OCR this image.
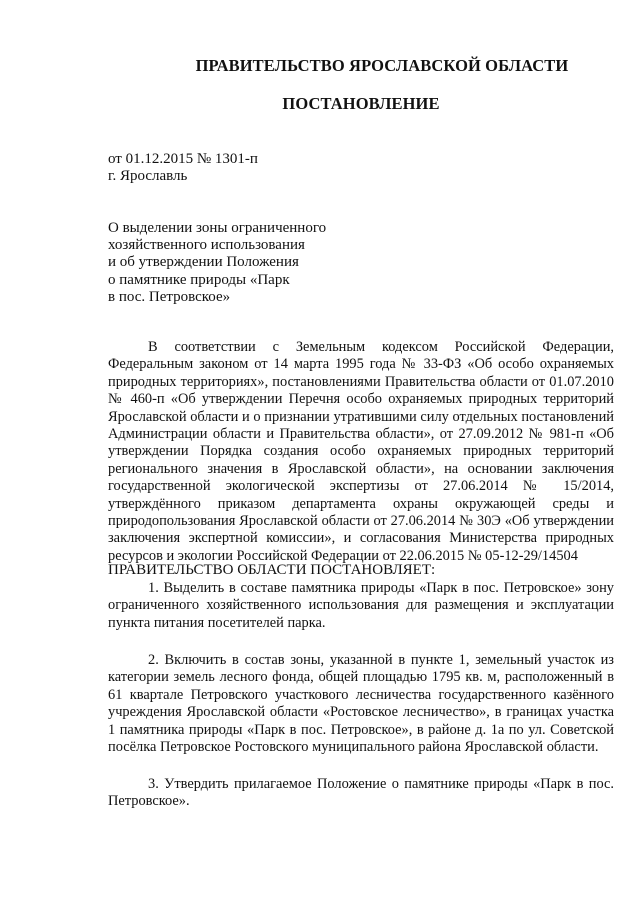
ПРАВИТЕЛЬСТВО ЯРОСЛАВСКОЙ ОБЛАСТИ
ПОСТАНОВЛЕНИЕ
от 01.12.2015 № 1301-п
г. Ярославль
О выделении зоны ограниченного
хозяйственного использования
и об утверждении Положения
о памятнике природы «Парк
в пос. Петровское»
В соответствии с Земельным кодексом Российской Федерации, Федеральным законом от 14 марта 1995 года № 33-ФЗ «Об особо охраняемых природных территориях», постановлениями Правительства области от 01.07.2010 № 460-п «Об утверждении Перечня особо охраняемых природных территорий Ярославской области и о признании утратившими силу отдельных постановлений Администрации области и Правительства области», от 27.09.2012 № 981-п «Об утверждении Порядка создания особо охраняемых природных территорий регионального значения в Ярославской области», на основании заключения государственной экологической экспертизы от 27.06.2014 № 15/2014, утверждённого приказом департамента охраны окружающей среды и природопользования Ярославской области от 27.06.2014 № 30Э «Об утверждении заключения экспертной комиссии», и согласования Министерства природных ресурсов и экологии Российской Федерации от 22.06.2015 № 05-12-29/14504
ПРАВИТЕЛЬСТВО ОБЛАСТИ ПОСТАНОВЛЯЕТ:
1. Выделить в составе памятника природы «Парк в пос. Петровское» зону ограниченного хозяйственного использования для размещения и эксплуатации пункта питания посетителей парка.
2. Включить в состав зоны, указанной в пункте 1, земельный участок из категории земель лесного фонда, общей площадью 1795 кв. м, расположенный в 61 квартале Петровского участкового лесничества государственного казённого учреждения Ярославской области «Ростовское лесничество», в границах участка 1 памятника природы «Парк в пос. Петровское», в районе д. 1а по ул. Советской посёлка Петровское Ростовского муниципального района Ярославской области.
3. Утвердить прилагаемое Положение о памятнике природы «Парк в пос. Петровское».
